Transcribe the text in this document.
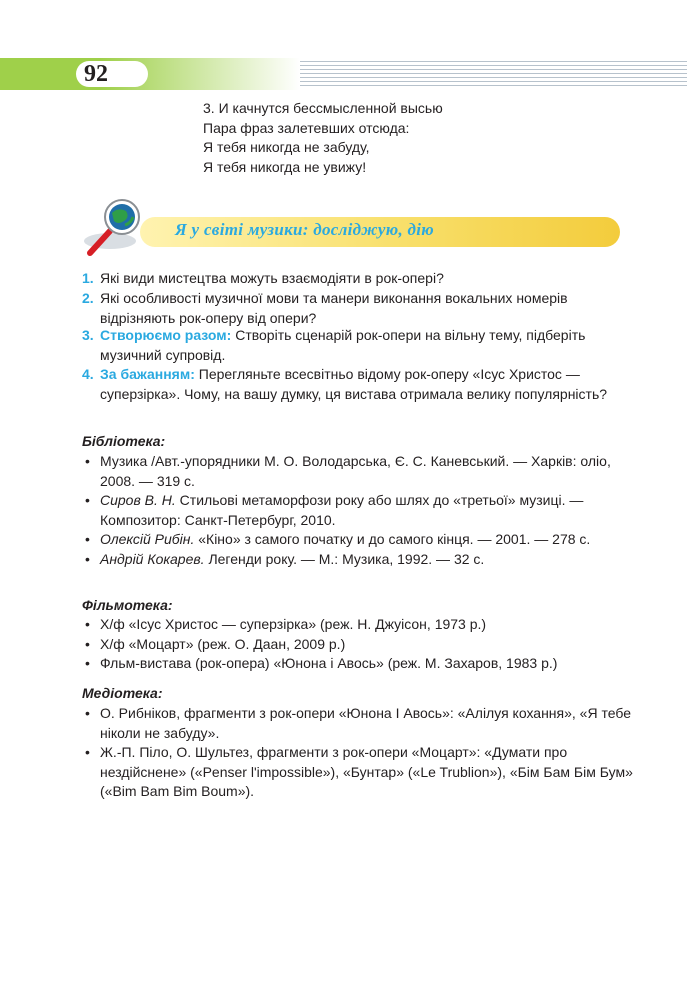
92
3. И качнутся бессмысленной высью
Пара фраз залетевших отсюда:
Я тебя никогда не забуду,
Я тебя никогда не увижу!
Я у світі музики: досліджую, дію
1. Які види мистецтва можуть взаємодіяти в рок-опері?
2. Які особливості музичної мови та манери виконання вокальних номерів відрізняють рок-оперу від опери?
3. Створюємо разом: Створіть сценарій рок-опери на вільну тему, підберіть музичний супровід.
4. За бажанням: Перегляньте всесвітньо відому рок-оперу «Ісус Христос — суперзірка». Чому, на вашу думку, ця вистава отримала велику популярність?
Бібліотека:
• Музика /Авт.-упорядники М. О. Володарська, Є. С. Каневський. — Харків: оліо, 2008. — 319 с.
• Сиров В. Н. Стильові метаморфози року або шлях до «третьої» музиці. — Композитор: Санкт-Петербург, 2010.
• Олексій Рибін. «Кіно» з самого початку и до самого кінця. — 2001. — 278 с.
• Андрій Кокарев. Легенди року. — М.: Музика, 1992. — 32 с.
Фільмотека:
• Х/ф «Ісус Христос — суперзірка» (реж. Н. Джуісон, 1973 р.)
• Х/ф «Моцарт» (реж. О. Даан, 2009 р.)
• Фльм-вистава (рок-опера) «Юнона і Авось» (реж. М. Захаров, 1983 р.)
Медіотека:
• О. Рибніков, фрагменти з рок-опери «Юнона І Авось»: «Алілуя кохання», «Я тебе ніколи не забуду».
• Ж.-П. Піло, О. Шультез, фрагменти з рок-опери «Моцарт»: «Думати про нездійснене» («Penser l'impossible»), «Бунтар» («Le Trublion»), «Бім Бам Бім Бум» («Bim Bam Bim Boum»).
